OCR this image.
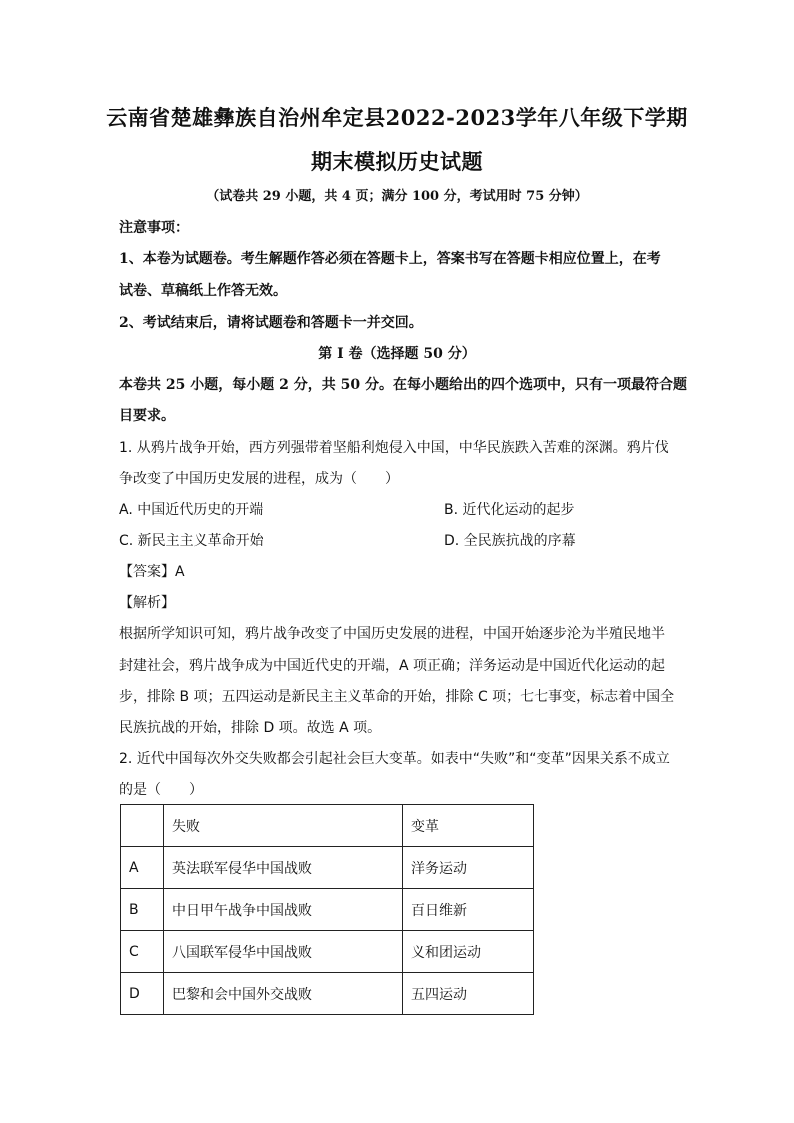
云南省楚雄彝族自治州牟定县2022-2023学年八年级下学期
期末模拟历史试题
（试卷共 29 小题，共 4 页；满分 100 分，考试用时 75 分钟）
注意事项：
1、本卷为试题卷。考生解题作答必须在答题卡上，答案书写在答题卡相应位置上，在考
试卷、草稿纸上作答无效。
2、考试结束后，请将试题卷和答题卡一并交回。
第 I 卷（选择题 50 分）
本卷共 25 小题，每小题 2 分，共 50 分。在每小题给出的四个选项中，只有一项最符合题
目要求。
1. 从鸦片战争开始，西方列强带着坚船利炮侵入中国，中华民族跌入苦难的深渊。鸦片伐
争改变了中国历史发展的进程，成为（　　）
A. 中国近代历史的开端	B. 近代化运动的起步
C. 新民主主义革命开始	D. 全民族抗战的序幕
【答案】A
【解析】
根据所学知识可知，鸦片战争改变了中国历史发展的进程，中国开始逐步沦为半殖民地半
封建社会，鸦片战争成为中国近代史的开端，A 项正确；洋务运动是中国近代化运动的起
步，排除 B 项；五四运动是新民主主义革命的开始，排除 C 项；七七事变，标志着中国全
民族抗战的开始，排除 D 项。故选 A 项。
2. 近代中国每次外交失败都会引起社会巨大变革。如表中“失败”和“变革”因果关系不成立
的是（　　）
	失败	变革
A	英法联军侵华中国战败	洋务运动
B	中日甲午战争中国战败	百日维新
C	八国联军侵华中国战败	义和团运动
D	巴黎和会中国外交战败	五四运动
